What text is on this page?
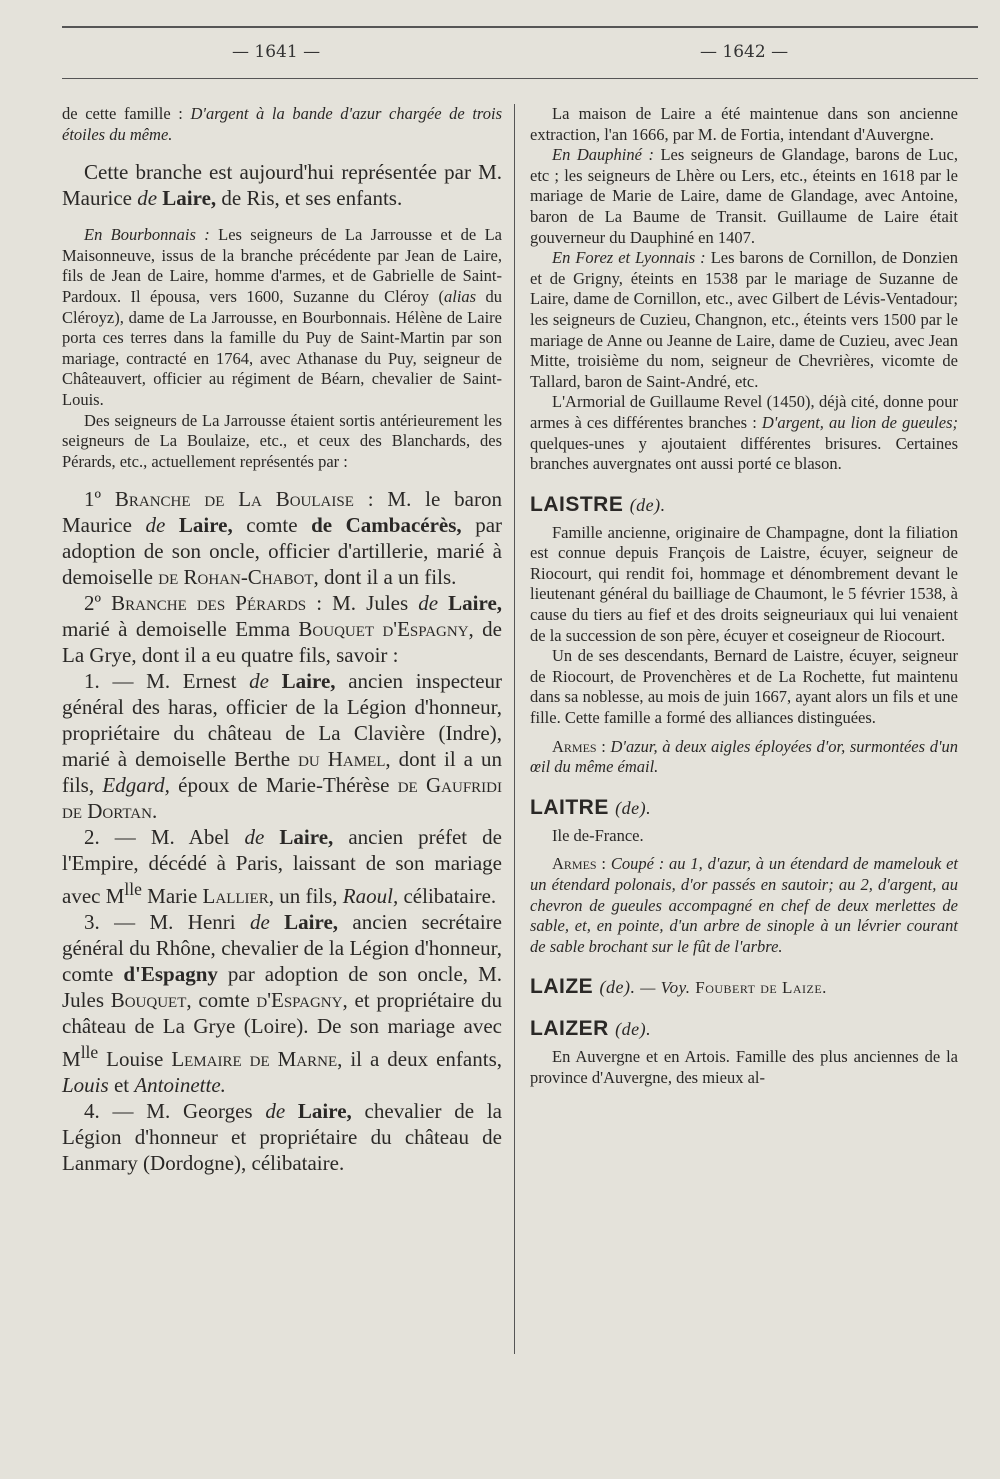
— 1641 —	— 1642 —

de cette famille : D'argent à la bande d'azur chargée de trois étoiles du même.

Cette branche est aujourd'hui représentée par M. Maurice de Laire, de Ris, et ses enfants.

En Bourbonnais : Les seigneurs de La Jarrousse et de La Maisonneuve, issus de la branche précédente par Jean de Laire, fils de Jean de Laire, homme d'armes, et de Gabrielle de Saint-Pardoux. Il épousa, vers 1600, Suzanne du Cléroy (alias du Cléroyz), dame de La Jarrousse, en Bourbonnais. Hélène de Laire porta ces terres dans la famille du Puy de Saint-Martin par son mariage, contracté en 1764, avec Athanase du Puy, seigneur de Châteauvert, officier au régiment de Béarn, chevalier de Saint-Louis.

Des seigneurs de La Jarrousse étaient sortis antérieurement les seigneurs de La Boulaize, etc., et ceux des Blanchards, des Pérards, etc., actuellement représentés par :

1º Branche de La Boulaise : M. le baron Maurice de Laire, comte de Cambacérès, par adoption de son oncle, officier d'artillerie, marié à demoiselle de Rohan-Chabot, dont il a un fils.

2º Branche des Pérards : M. Jules de Laire, marié à demoiselle Emma Bouquet d'Espagny, de La Grye, dont il a eu quatre fils, savoir :

1. — M. Ernest de Laire, ancien inspecteur général des haras, officier de la Légion d'honneur, propriétaire du château de La Clavière (Indre), marié à demoiselle Berthe du Hamel, dont il a un fils, Edgard, époux de Marie-Thérèse de Gaufridi de Dortan.

2. — M. Abel de Laire, ancien préfet de l'Empire, décédé à Paris, laissant de son mariage avec $M^{lle}$ Marie Lallier, un fils, Raoul, célibataire.

3. — M. Henri de Laire, ancien secrétaire général du Rhône, chevalier de la Légion d'honneur, comte d'Espagny par adoption de son oncle, M. Jules Bouquet, comte d'Espagny, et propriétaire du château de La Grye (Loire). De son mariage avec $M^{lle}$ Louise Lemaire de Marne, il a deux enfants, Louis et Antoinette.

4. — M. Georges de Laire, chevalier de la Légion d'honneur et propriétaire du château de Lanmary (Dordogne), célibataire.

La maison de Laire a été maintenue dans son ancienne extraction, l'an 1666, par M. de Fortia, intendant d'Auvergne.

En Dauphiné : Les seigneurs de Glandage, barons de Luc, etc ; les seigneurs de Lhère ou Lers, etc., éteints en 1618 par le mariage de Marie de Laire, dame de Glandage, avec Antoine, baron de La Baume de Transit. Guillaume de Laire était gouverneur du Dauphiné en 1407.

En Forez et Lyonnais : Les barons de Cornillon, de Donzien et de Grigny, éteints en 1538 par le mariage de Suzanne de Laire, dame de Cornillon, etc., avec Gilbert de Lévis-Ventadour; les seigneurs de Cuzieu, Changnon, etc., éteints vers 1500 par le mariage de Anne ou Jeanne de Laire, dame de Cuzieu, avec Jean Mitte, troisième du nom, seigneur de Chevrières, vicomte de Tallard, baron de Saint-André, etc.

L'Armorial de Guillaume Revel (1450), déjà cité, donne pour armes à ces différentes branches : D'argent, au lion de gueules; quelques-unes y ajoutaient différentes brisures. Certaines branches auvergnates ont aussi porté ce blason.

LAISTRE (de).

Famille ancienne, originaire de Champagne, dont la filiation est connue depuis François de Laistre, écuyer, seigneur de Riocourt, qui rendit foi, hommage et dénombrement devant le lieutenant général du bailliage de Chaumont, le 5 février 1538, à cause du tiers au fief et des droits seigneuriaux qui lui venaient de la succession de son père, écuyer et coseigneur de Riocourt.

Un de ses descendants, Bernard de Laistre, écuyer, seigneur de Riocourt, de Provenchères et de La Rochette, fut maintenu dans sa noblesse, au mois de juin 1667, ayant alors un fils et une fille. Cette famille a formé des alliances distinguées.

Armes : D'azur, à deux aigles éployées d'or, surmontées d'un œil du même émail.

LAITRE (de).

Ile de-France.

Armes : Coupé : au 1, d'azur, à un étendard de mamelouk et un étendard polonais, d'or passés en sautoir; au 2, d'argent, au chevron de gueules accompagné en chef de deux merlettes de sable, et, en pointe, d'un arbre de sinople à un lévrier courant de sable brochant sur le fût de l'arbre.

LAIZE (de). — Voy. Foubert de Laize.
LAIZER (de).

En Auvergne et en Artois. Famille des plus anciennes de la province d'Auvergne, des mieux al-
